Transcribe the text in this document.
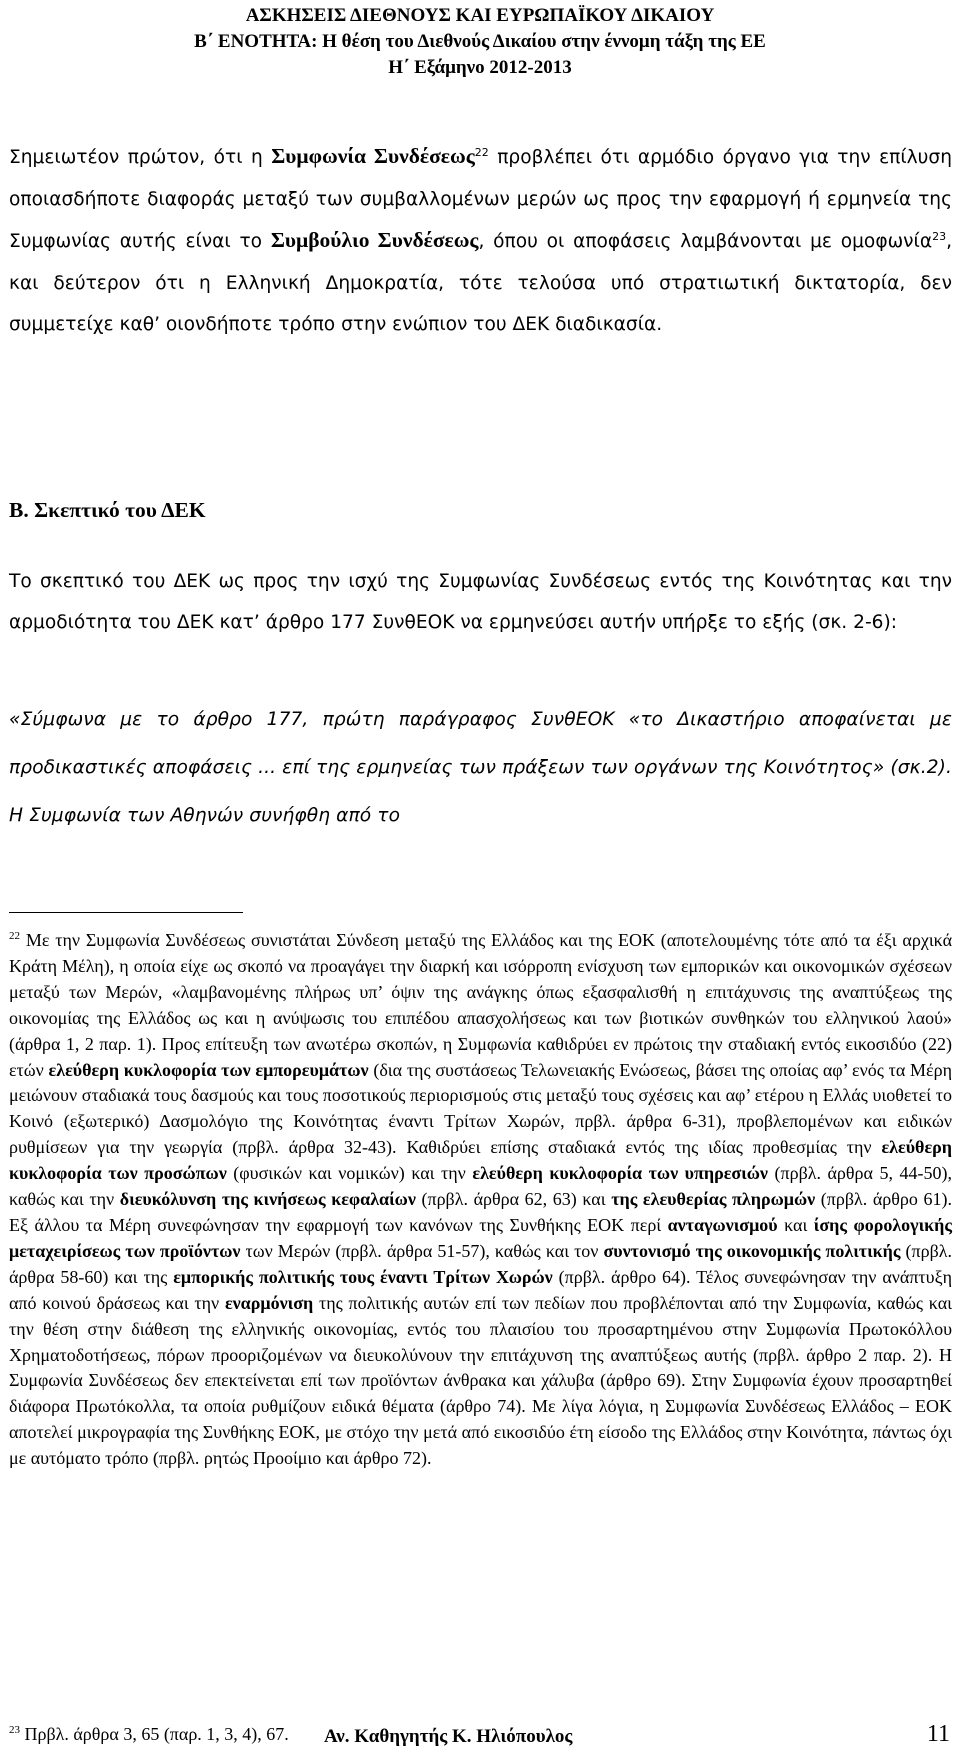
ΑΣΚΗΣΕΙΣ ΔΙΕΘΝΟΥΣ ΚΑΙ ΕΥΡΩΠΑΪΚΟΥ ΔΙΚΑΙΟΥ
Β΄ ΕΝΟΤΗΤΑ: Η θέση του Διεθνούς Δικαίου στην έννομη τάξη της ΕΕ
Η΄ Εξάμηνο 2012-2013
Σημειωτέον πρώτον, ότι η Συμφωνία Συνδέσεως$^{22}$ προβλέπει ότι αρμόδιο όργανο για την επίλυση οποιασδήποτε διαφοράς μεταξύ των συμβαλλομένων μερών ως προς την εφαρμογή ή ερμηνεία της Συμφωνίας αυτής είναι το Συμβούλιο Συνδέσεως, όπου οι αποφάσεις λαμβάνονται με ομοφωνία$^{23}$, και δεύτερον ότι η Ελληνική Δημοκρατία, τότε τελούσα υπό στρατιωτική δικτατορία, δεν συμμετείχε καθ’ οιονδήποτε τρόπο στην ενώπιον του ΔΕΚ διαδικασία.
Β. Σκεπτικό του ΔΕΚ
Το σκεπτικό του ΔΕΚ ως προς την ισχύ της Συμφωνίας Συνδέσεως εντός της Κοινότητας και την αρμοδιότητα του ΔΕΚ κατ’ άρθρο 177 ΣυνθΕΟΚ να ερμηνεύσει αυτήν υπήρξε το εξής (σκ. 2-6):
«Σύμφωνα με το άρθρο 177, πρώτη παράγραφος ΣυνθΕΟΚ «το Δικαστήριο αποφαίνεται με προδικαστικές αποφάσεις ... επί της ερμηνείας των πράξεων των οργάνων της Κοινότητος» (σκ.2). Η Συμφωνία των Αθηνών συνήφθη από το
$^{22}$ Με την Συμφωνία Συνδέσεως συνιστάται Σύνδεση μεταξύ της Ελλάδος και της ΕΟΚ (αποτελουμένης τότε από τα έξι αρχικά Κράτη Μέλη), η οποία είχε ως σκοπό να προαγάγει την διαρκή και ισόρροπη ενίσχυση των εμπορικών και οικονομικών σχέσεων μεταξύ των Μερών, «λαμβανομένης πλήρως υπ’ όψιν της ανάγκης όπως εξασφαλισθή η επιτάχυνσις της αναπτύξεως της οικονομίας της Ελλάδος ως και η ανύψωσις του επιπέδου απασχολήσεως και των βιοτικών συνθηκών του ελληνικού λαού» (άρθρα 1, 2 παρ. 1). Προς επίτευξη των ανωτέρω σκοπών, η Συμφωνία καθιδρύει εν πρώτοις την σταδιακή εντός εικοσιδύο (22) ετών ελεύθερη κυκλοφορία των εμπορευμάτων (δια της συστάσεως Τελωνειακής Ενώσεως, βάσει της οποίας αφ’ ενός τα Μέρη μειώνουν σταδιακά τους δασμούς και τους ποσοτικούς περιορισμούς στις μεταξύ τους σχέσεις και αφ’ ετέρου η Ελλάς υιοθετεί το Κοινό (εξωτερικό) Δασμολόγιο της Κοινότητας έναντι Τρίτων Χωρών, πρβλ. άρθρα 6-31), προβλεπομένων και ειδικών ρυθμίσεων για την γεωργία (πρβλ. άρθρα 32-43). Καθιδρύει επίσης σταδιακά εντός της ιδίας προθεσμίας την ελεύθερη κυκλοφορία των προσώπων (φυσικών και νομικών) και την ελεύθερη κυκλοφορία των υπηρεσιών (πρβλ. άρθρα 5, 44-50), καθώς και την διευκόλυνση της κινήσεως κεφαλαίων (πρβλ. άρθρα 62, 63) και της ελευθερίας πληρωμών (πρβλ. άρθρο 61). Εξ άλλου τα Μέρη συνεφώνησαν την εφαρμογή των κανόνων της Συνθήκης ΕΟΚ περί ανταγωνισμού και ίσης φορολογικής μεταχειρίσεως των προϊόντων των Μερών (πρβλ. άρθρα 51-57), καθώς και τον συντονισμό της οικονομικής πολιτικής (πρβλ. άρθρα 58-60) και της εμπορικής πολιτικής τους έναντι Τρίτων Χωρών (πρβλ. άρθρο 64). Τέλος συνεφώνησαν την ανάπτυξη από κοινού δράσεως και την εναρμόνιση της πολιτικής αυτών επί των πεδίων που προβλέπονται από την Συμφωνία, καθώς και την θέση στην διάθεση της ελληνικής οικονομίας, εντός του πλαισίου του προσαρτημένου στην Συμφωνία Πρωτοκόλλου Χρηματοδοτήσεως, πόρων προοριζομένων να διευκολύνουν την επιτάχυνση της αναπτύξεως αυτής (πρβλ. άρθρο 2 παρ. 2). Η Συμφωνία Συνδέσεως δεν επεκτείνεται επί των προϊόντων άνθρακα και χάλυβα (άρθρο 69). Στην Συμφωνία έχουν προσαρτηθεί διάφορα Πρωτόκολλα, τα οποία ρυθμίζουν ειδικά θέματα (άρθρο 74). Με λίγα λόγια, η Συμφωνία Συνδέσεως Ελλάδος – ΕΟΚ αποτελεί μικρογραφία της Συνθήκης ΕΟΚ, με στόχο την μετά από εικοσιδύο έτη είσοδο της Ελλάδος στην Κοινότητα, πάντως όχι με αυτόματο τρόπο (πρβλ. ρητώς Προοίμιο και άρθρο 72).
$^{23}$ Πρβλ. άρθρα 3, 65 (παρ. 1, 3, 4), 67.	Αν. Καθηγητής Κ. Ηλιόπουλος	11
